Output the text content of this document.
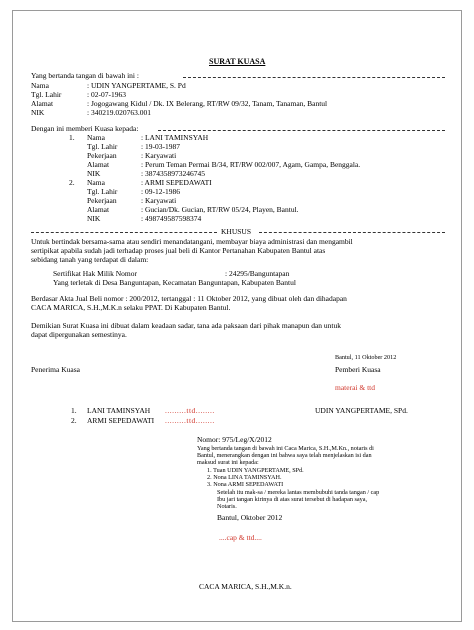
SURAT KUASA
Yang bertanda tangan di bawah ini :
Nama	: UDIN YANGPERTAME, S. Pd
Tgl. Lahir	: 02-07-1963
Alamat	: Jogogawang Kidul / Dk. IX Belerang, RT/RW 09/32, Tanam, Tanaman, Bantul
NIK	: 340219.020763.001
Dengan ini memberi Kuasa kepada:
1. Nama	: LANI TAMINSYAH
Tgl. Lahir	: 19-03-1987
Pekerjaan	: Karyawati
Alamat	: Perum Teman Permai B/34, RT/RW 002/007, Agam, Gampa, Benggala.
NIK	: 3874358973246745
2. Nama	: ARMI SEPEDAWATI
Tgl. Lahir	: 09-12-1986
Pekerjaan	: Karyawati
Alamat	: Gucian/Dk. Gucian, RT/RW 05/24, Playen, Bantul.
NIK	: 498749587598374
KHUSUS
Untuk bertindak bersama-sama atau sendiri menandatangani, membayar biaya administrasi dan mengambil
sertipikat apabila sudah jadi terhadap proses jual beli di Kantor Pertanahan Kabupaten Bantul atas
sebidang tanah yang terdapat di dalam:
Sertifikat Hak Milik Nomor	: 24295/Banguntapan
Yang terletak di Desa Banguntapan, Kecamatan Banguntapan, Kabupaten Bantul
Berdasar Akta Jual Beli nomor : 200/2012, tertanggal : 11 Oktober 2012, yang dibuat oleh dan dihadapan
CACA MARICA, S.H.,M.K.n selaku PPAT. Di Kabupaten Bantul.
Demikian Surat Kuasa ini dibuat dalam keadaan sadar, tana ada paksaan dari pihak manapun dan untuk
dapat dipergunakan semestinya.
Bantul, 11 Oktober 2012
Penerima Kuasa	Pemberi Kuasa
materai & ttd
1. LANI TAMINSYAH .........ttd........	UDIN YANGPERTAME, SPd.
2. ARMI SEPEDAWATI .........ttd........
Nomor: 975/Leg/X/2012
Yang bertanda tangan di bawah ini Caca Marica, S.H.,M.Kn., notaris di
Bantul, menerangkan dengan ini bahwa saya telah menjelaskan isi dan
maksud surat ini kepada:
1. Tuan UDIN YANGPERTAME, SPd.
2. Nona LINA TAMINSYAH.
3. Nona ARMI SEPEDAWATI
Setelah itu mak-sa / mereka lantas membubuhi tanda tangan / cap
Ibu jari tangan kirinya di atas surat tersebut di hadapan saya,
Notaris.
Bantul, Oktober 2012
....cap & ttd....
CACA MARICA, S.H.,M.K.n.
